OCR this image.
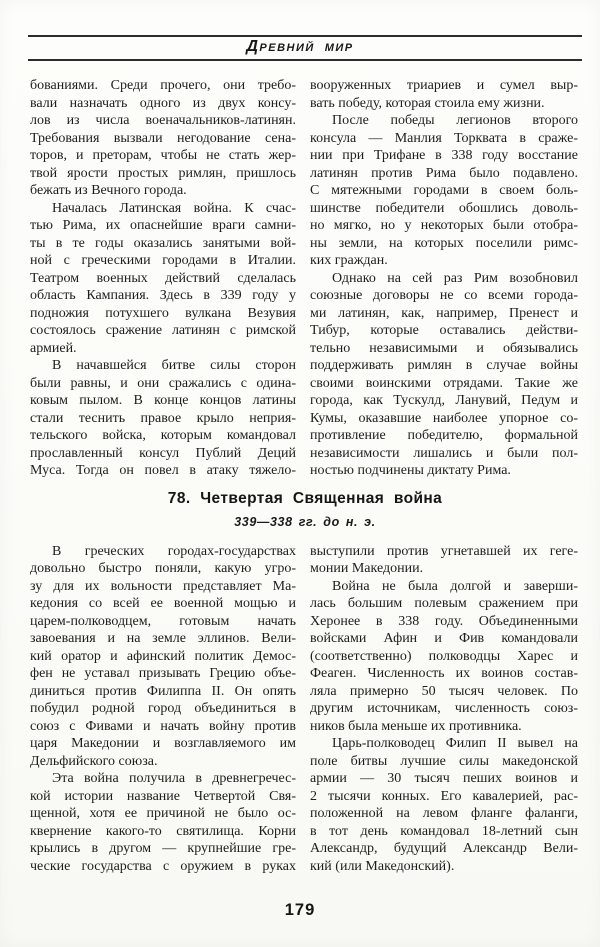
Древний мир
бованиями. Среди прочего, они требо-
вали назначать одного из двух консу-
лов из числа военачальников-латинян.
Требования вызвали негодование сена-
торов, и преторам, чтобы не стать жер-
твой ярости простых римлян, пришлось
бежать из Вечного города.
Началась Латинская война. К счас-
тью Рима, их опаснейшие враги самни-
ты в те годы оказались занятыми вой-
ной с греческими городами в Италии.
Театром военных действий сделалась
область Кампания. Здесь в 339 году у
подножия потухшего вулкана Везувия
состоялось сражение латинян с римской
армией.
В начавшейся битве силы сторон
были равны, и они сражались с одина-
ковым пылом. В конце концов латины
стали теснить правое крыло неприя-
тельского войска, которым командовал
прославленный консул Публий Деций
Муса. Тогда он повел в атаку тяжело-
вооруженных триариев и сумел выр-
вать победу, которая стоила ему жизни.
После победы легионов второго
консула — Манлия Торквата в сраже-
нии при Трифане в 338 году восстание
латинян против Рима было подавлено.
С мятежными городами в своем боль-
шинстве победители обошлись доволь-
но мягко, но у некоторых были отобра-
ны земли, на которых поселили римс-
ких граждан.
Однако на сей раз Рим возобновил
союзные договоры не со всеми города-
ми латинян, как, например, Пренест и
Тибур, которые оставались действи-
тельно независимыми и обязывались
поддерживать римлян в случае войны
своими воинскими отрядами. Такие же
города, как Тускулд, Ланувий, Педум и
Кумы, оказавшие наиболее упорное со-
противление победителю, формальной
независимости лишались и были пол-
ностью подчинены диктату Рима.
78. Четвертая Священная война
339—338 гг. до н. э.
В греческих городах-государствах
довольно быстро поняли, какую угро-
зу для их вольности представляет Ма-
кедония со всей ее военной мощью и
царем-полководцем, готовым начать
завоевания и на земле эллинов. Вели-
кий оратор и афинский политик Демос-
фен не уставал призывать Грецию объе-
диниться против Филиппа II. Он опять
побудил родной город объединиться в
союз с Фивами и начать войну против
царя Македонии и возглавляемого им
Дельфийского союза.
Эта война получила в древнегречес-
кой истории название Четвертой Свя-
щенной, хотя ее причиной не было ос-
квернение какого-то святилища. Корни
крылись в другом — крупнейшие гре-
ческие государства с оружием в руках
выступили против угнетавшей их геге-
монии Македонии.
Война не была долгой и заверши-
лась большим полевым сражением при
Херонее в 338 году. Объединенными
войсками Афин и Фив командовали
(соответственно) полководцы Харес и
Феаген. Численность их воинов состав-
ляла примерно 50 тысяч человек. По
другим источникам, численность союз-
ников была меньше их противника.
Царь-полководец Филип II вывел на
поле битвы лучшие силы македонской
армии — 30 тысяч пеших воинов и
2 тысячи конных. Его кавалерией, рас-
положенной на левом фланге фаланги,
в тот день командовал 18-летний сын
Александр, будущий Александр Вели-
кий (или Македонский).
179
